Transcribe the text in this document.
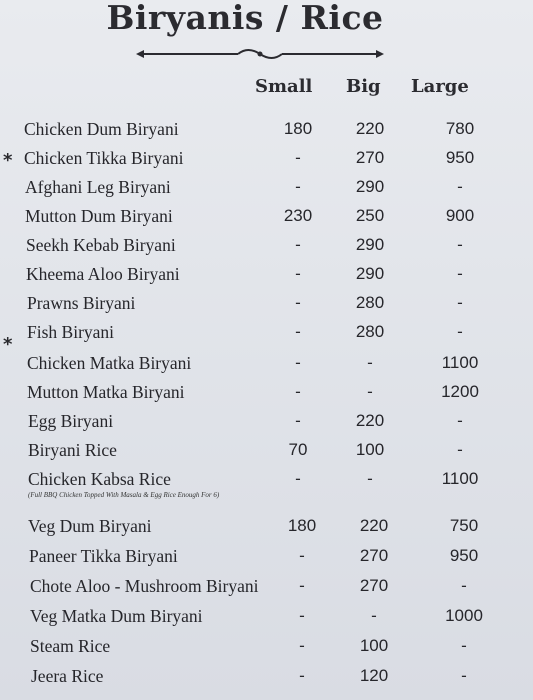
Biryanis / Rice
Small Big Large
Chicken Dum Biryani	180	220	780
* Chicken Tikka Biryani	-	270	950
Afghani Leg Biryani	-	290	-
Mutton Dum Biryani	230	250	900
Seekh Kebab Biryani	-	290	-
Kheema Aloo Biryani	-	290	-
Prawns Biryani	-	280	-
*
Fish Biryani	-	280	-
Chicken Matka Biryani	-	-	1100
Mutton Matka Biryani	-	-	1200
Egg Biryani	-	220	-
Biryani Rice	70	100	-
Chicken Kabsa Rice	-	-	1100
(Full BBQ Chicken Topped With Masala & Egg Rice Enough For 6)
Veg Dum Biryani	180	220	750
Paneer Tikka Biryani	-	270	950
Chote Aloo - Mushroom Biryani	-	270	-
Veg Matka Dum Biryani	-	-	1000
Steam Rice	-	100	-
Jeera Rice	-	120	-
